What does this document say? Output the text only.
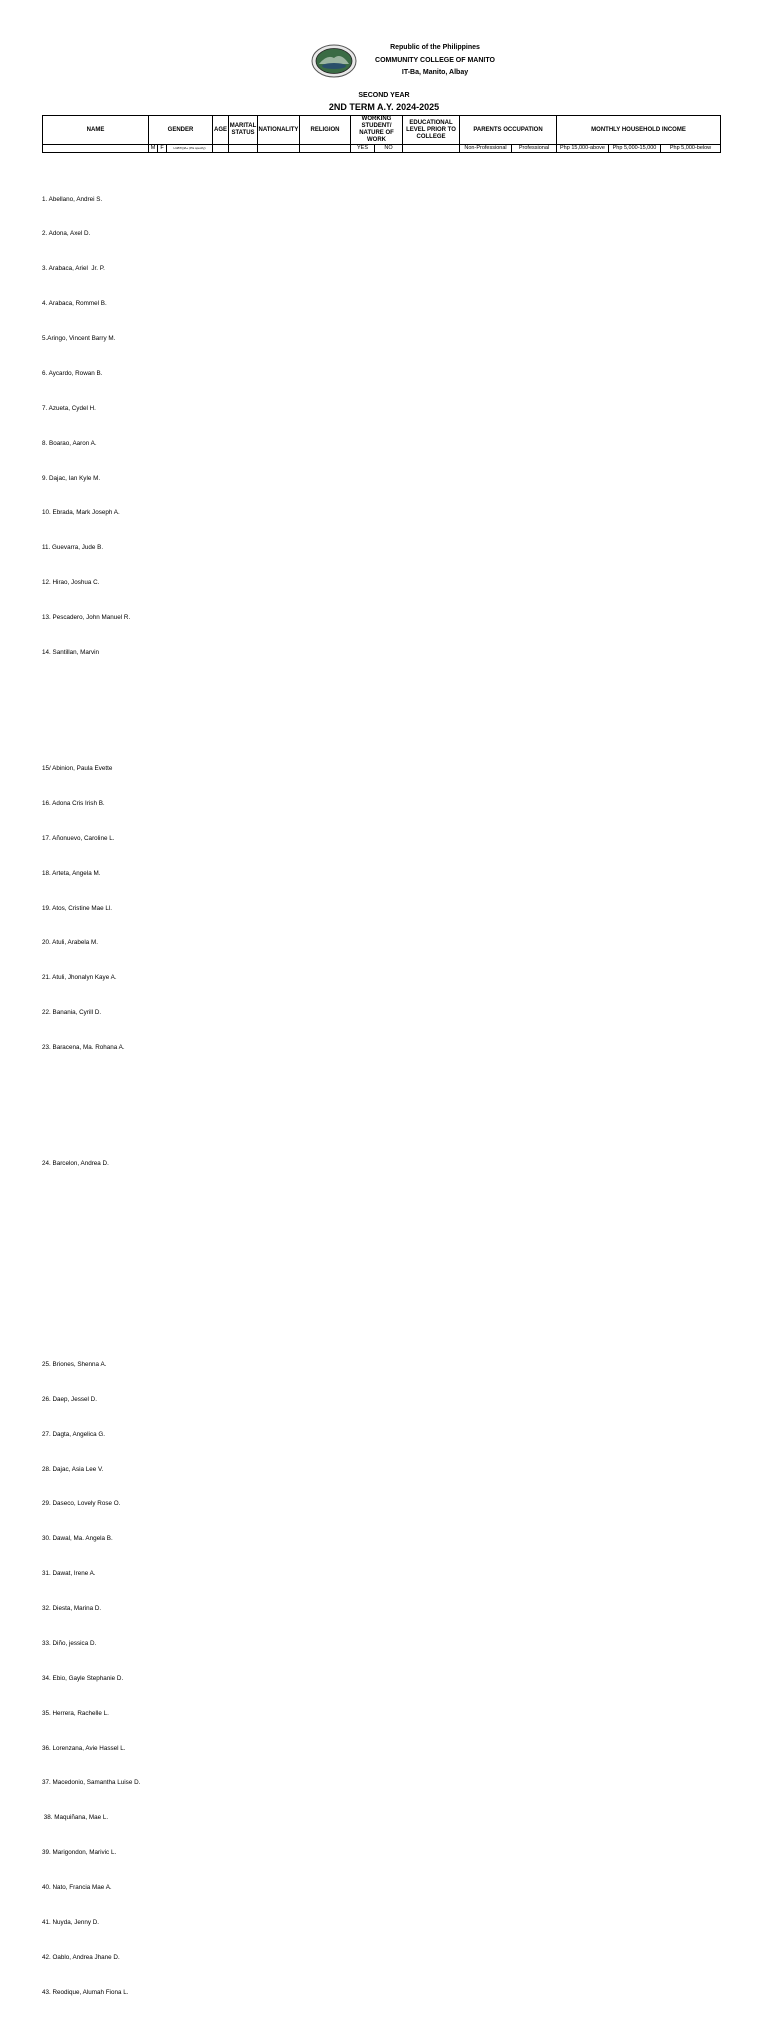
Republic of the Philippines
COMMUNITY COLLEGE OF MANITO
IT-Ba, Manito, Albay
SECOND YEAR
2ND TERM A.Y. 2024-2025
NAME	GENDER			AGE	MARITAL STATUS	NATIONALITY	RELIGION	WORKING STUDENT/ NATURE OF WORK		EDUCATIONAL LEVEL PRIOR TO COLLEGE	PARENTS OCCUPATION		MONTHLY HOUSEHOLD INCOME		
	M	F	LGBTQIA+ (Pls specify)					YES	NO		Non-Professional	Professional	Php 15,000-above	Php 5,000-15,000	Php 5,000-below

1. Abellano, Andrei S.

2. Adona, Axel D.

3. Arabaca, Ariel  Jr. P.

4. Arabaca, Rommel B.

5.Aringo, Vincent Barry M.

6. Aycardo, Rowan B.

7. Azueta, Cydel H.

8. Boarao, Aaron A.

9. Dajac, Ian Kyle M.

10. Ebrada, Mark Joseph A.

11. Guevarra, Jude B.

12. Hirao, Joshua C.

13. Pescadero, John Manuel R.

14. Santillan, Marvin

15/ Abinion, Paula Evette

16. Adona Cris Irish B.

17. Añonuevo, Caroline L.

18. Arteta, Angela M.

19. Atos, Cristine Mae Ll.

20. Atuli, Arabela M.

21. Atuli, Jhonalyn Kaye A.

22. Banania, Cyrill D.

23. Baracena, Ma. Rohana A.

24. Barcelon, Andrea D.

25. Briones, Shenna A.

26. Daep, Jessel D.

27. Dagta, Angelica G.

28. Dajac, Asia Lee V.

29. Daseco, Lovely Rose O.

30. Dawal, Ma. Angela B.

31. Dawat, Irene A.

32. Diesta, Marina D.

33. Diño, jessica D.

34. Ebio, Gayle Stephanie D.

35. Herrera, Rachelle L.

36. Lorenzana, Avie Hassel L.

37. Macedonio, Samantha Luise D.

38. Maquiñana, Mae L.

39. Marigondon, Marivic L.

40. Nato, Francia Mae A.

41. Nuyda, Jenny D.

42. Oablo, Andrea Jhane D.

43. Reodique, Alumah Fiona L.
